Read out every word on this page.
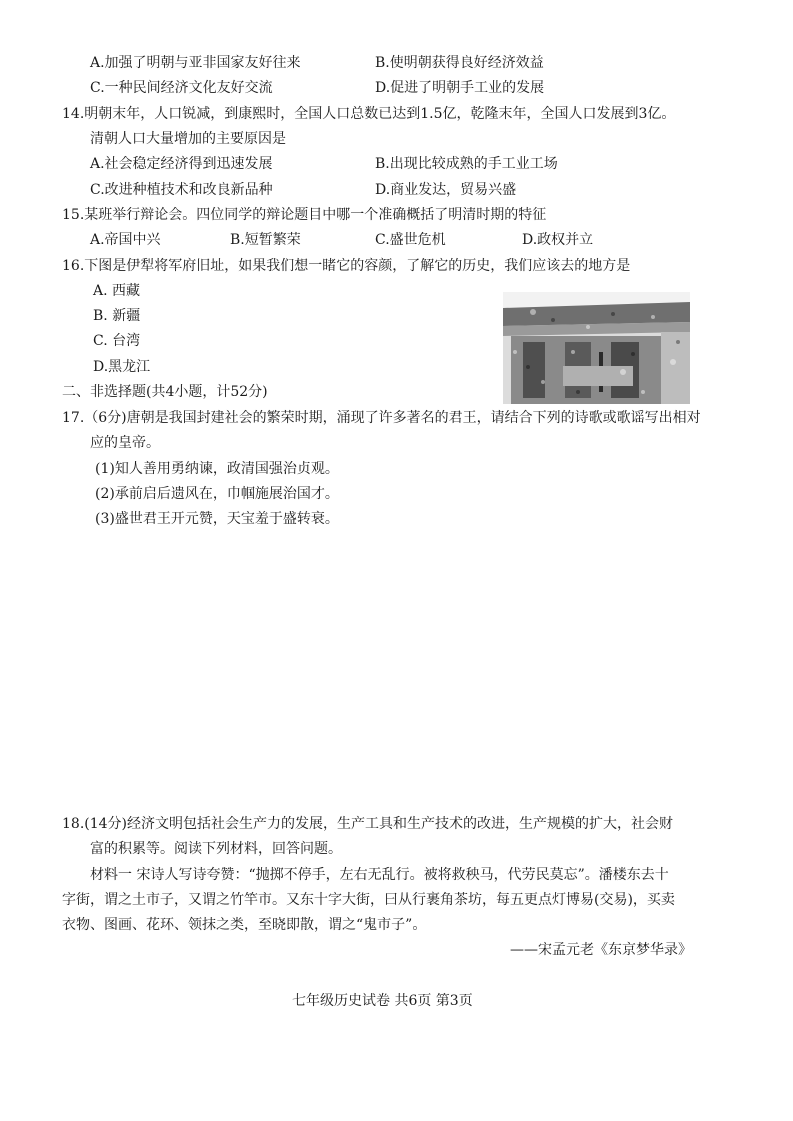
A.加强了明朝与亚非国家友好往来	B.使明朝获得良好经济效益
C.一种民间经济文化友好交流	D.促进了明朝手工业的发展
14.明朝末年，人口锐减，到康熙时，全国人口总数已达到1.5亿，乾隆末年，全国人口发展到3亿。
清朝人口大量增加的主要原因是
A.社会稳定经济得到迅速发展	B.出现比较成熟的手工业工场
C.改进种植技术和改良新品种	D.商业发达，贸易兴盛
15.某班举行辩论会。四位同学的辩论题目中哪一个准确概括了明清时期的特征
A.帝国中兴	B.短暂繁荣	C.盛世危机	D.政权并立
16.下图是伊犁将军府旧址，如果我们想一睹它的容颜，了解它的历史，我们应该去的地方是
A. 西藏
B. 新疆
C. 台湾
D.黑龙江
二、非选择题(共4小题，计52分)
17.（6分)唐朝是我国封建社会的繁荣时期，涌现了许多著名的君王，请结合下列的诗歌或歌谣写出相对
应的皇帝。
(1)知人善用勇纳谏，政清国强治贞观。
(2)承前启后遗风在，巾帼施展治国才。
(3)盛世君王开元赞，天宝羞于盛转衰。
18.(14分)经济文明包括社会生产力的发展，生产工具和生产技术的改进，生产规模的扩大，社会财
富的积累等。阅读下列材料，回答问题。
材料一 宋诗人写诗夸赞：“抛掷不停手，左右无乱行。被将救秧马，代劳民莫忘”。潘楼东去十
字街，谓之土市子，又谓之竹竿市。又东十字大街，曰从行裹角茶坊，每五更点灯博易(交易)，买卖
衣物、图画、花环、领抹之类，至晓即散，谓之“鬼市子”。
——宋孟元老《东京梦华录》
七年级历史试卷 共6页 第3页
